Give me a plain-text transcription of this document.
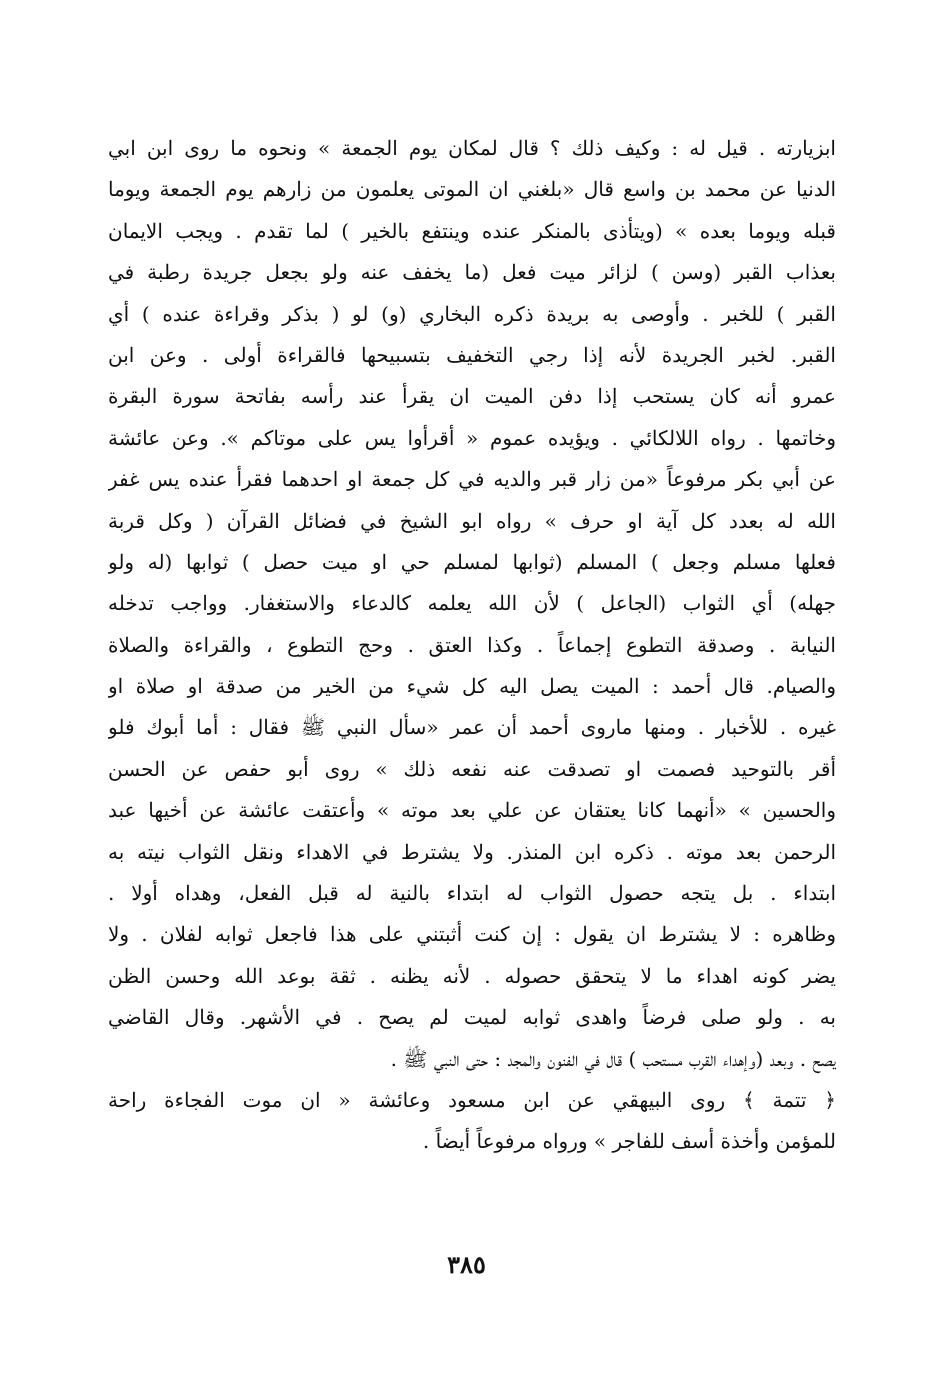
ابزيارته . قيل له : وكيف ذلك ؟ قال لمكان يوم الجمعة » ونحوه ما روى ابن ابي
الدنيا عن محمد بن واسع قال «بلغني ان الموتى يعلمون من زارهم يوم الجمعة ويوما
قبله ويوما بعده » (ويتأذى بالمنكر عنده وينتفع بالخير ) لما تقدم . ويجب الايمان
بعذاب القبر (وسن ) لزائر ميت فعل (ما يخفف عنه ولو بجعل جريدة رطبة في
القبر ) للخبر . وأوصى به بريدة ذكره البخاري (و) لو ( بذكر وقراءة عنده ) أي
القبر. لخبر الجريدة لأنه إذا رجي التخفيف بتسبيحها فالقراءة أولى . وعن ابن
عمرو أنه كان يستحب إذا دفن الميت ان يقرأ عند رأسه بفاتحة سورة البقرة
وخاتمها . رواه اللالكائي . ويؤيده عموم « أقرأوا يس على موتاكم ». وعن عائشة
عن أبي بكر مرفوعاً «من زار قبر والديه في كل جمعة او احدهما فقرأ عنده يس غفر
الله له بعدد كل آية او حرف » رواه ابو الشيخ في فضائل القرآن ( وكل قربة
فعلها مسلم وجعل ) المسلم (ثوابها لمسلم حي او ميت حصل ) ثوابها (له ولو
جهله) أي الثواب (الجاعل ) لأن الله يعلمه كالدعاء والاستغفار. وواجب تدخله
النيابة . وصدقة التطوع إجماعاً . وكذا العتق . وحج التطوع ، والقراءة والصلاة
والصيام. قال أحمد : الميت يصل اليه كل شيء من الخير من صدقة او صلاة او
غيره . للأخبار . ومنها ماروى أحمد أن عمر «سأل النبي ﷺ فقال : أما أبوك فلو
أقر بالتوحيد فصمت او تصدقت عنه نفعه ذلك » روى أبو حفص عن الحسن
والحسين » «أنهما كانا يعتقان عن علي بعد موته » وأعتقت عائشة عن أخيها عبد
الرحمن بعد موته . ذكره ابن المنذر. ولا يشترط في الاهداء ونقل الثواب نيته به
ابتداء . بل يتجه حصول الثواب له ابتداء بالنية له قبل الفعل، وهداه أولا .
وظاهره : لا يشترط ان يقول : إن كنت أثبتني على هذا فاجعل ثوابه لفلان . ولا
يضر كونه اهداء ما لا يتحقق حصوله . لأنه يظنه . ثقة بوعد الله وحسن الظن
به . ولو صلى فرضاً واهدى ثوابه لميت لم يصح . في الأشهر. وقال القاضي
يصح . وبعد (وإهداء القرب مستحب ) قال في الفنون والمجد : حتى النبي ﷺ .
﴿ تتمة ﴾ روى البيهقي عن ابن مسعود وعائشة « ان موت الفجاءة راحة
للمؤمن وأخذة أسف للفاجر » ورواه مرفوعاً أيضاً .
٣٨٥
